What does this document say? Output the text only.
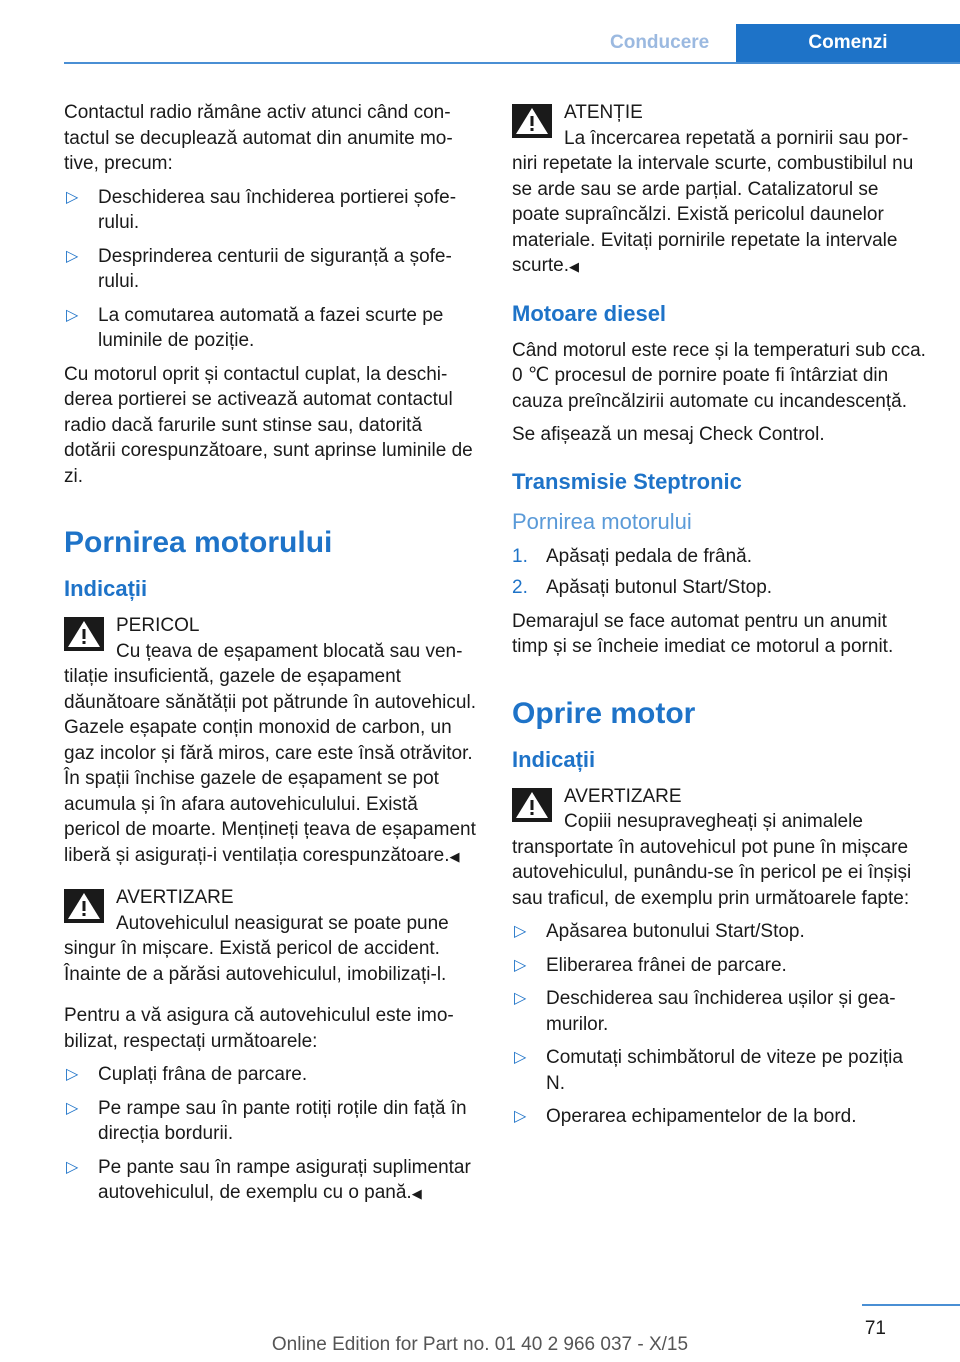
Conducere	Comenzi

Contactul radio rămâne activ atunci când contactul se decuplează automat din anumite motive, precum:

▷ Deschiderea sau închiderea portierei șoferului.
▷ Desprinderea centurii de siguranță a șoferului.
▷ La comutarea automată a fazei scurte pe luminile de poziție.

Cu motorul oprit și contactul cuplat, la deschiderea portierei se activează automat contactul radio dacă farurile sunt stinse sau, datorită dotării corespunzătoare, sunt aprinse luminile de zi.

Pornirea motorului
Indicații
PERICOL

Cu țeava de eșapament blocată sau ventilație insuficientă, gazele de eșapament dăunătoare sănătății pot pătrunde în autovehicul. Gazele eșapate conțin monoxid de carbon, un gaz incolor și fără miros, care este însă otrăvitor. În spații închise gazele de eșapament se pot acumula și în afara autovehiculului. Există pericol de moarte. Mențineți țeava de eșapament liberă și asigurați-i ventilația corespunzătoare.◀

AVERTIZARE

Autovehiculul neasigurat se poate pune singur în mișcare. Există pericol de accident. Înainte de a părăsi autovehiculul, imobilizați-l.

Pentru a vă asigura că autovehiculul este imobilizat, respectați următoarele:

▷ Cuplați frâna de parcare.
▷ Pe rampe sau în pante rotiți roțile din față în direcția bordurii.
▷ Pe pante sau în rampe asigurați suplimentar autovehiculul, de exemplu cu o pană.◀
ATENȚIE

La încercarea repetată a pornirii sau porniri repetate la intervale scurte, combustibilul nu se arde sau se arde parțial. Catalizatorul se poate supraîncălzi. Există pericolul daunelor materiale. Evitați pornirile repetate la intervale scurte.◀

Motoare diesel

Când motorul este rece și la temperaturi sub cca. 0 ℃ procesul de pornire poate fi întârziat din cauza preîncălzirii automate cu incandescență.

Se afișează un mesaj Check Control.

Transmisie Steptronic
Pornirea motorului
1. Apăsați pedala de frână.
2. Apăsați butonul Start/Stop.

Demarajul se face automat pentru un anumit timp și se încheie imediat ce motorul a pornit.

Oprire motor
Indicații
AVERTIZARE

Copiii nesupravegheați și animalele transportate în autovehicul pot pune în mișcare autovehiculul, punându-se în pericol pe ei înșiși sau traficul, de exemplu prin următoarele fapte:

▷ Apăsarea butonului Start/Stop.
▷ Eliberarea frânei de parcare.
▷ Deschiderea sau închiderea ușilor și geamurilor.
▷ Comutați schimbătorul de viteze pe poziția N.
▷ Operarea echipamentelor de la bord.
71
Online Edition for Part no. 01 40 2 966 037 - X/15
